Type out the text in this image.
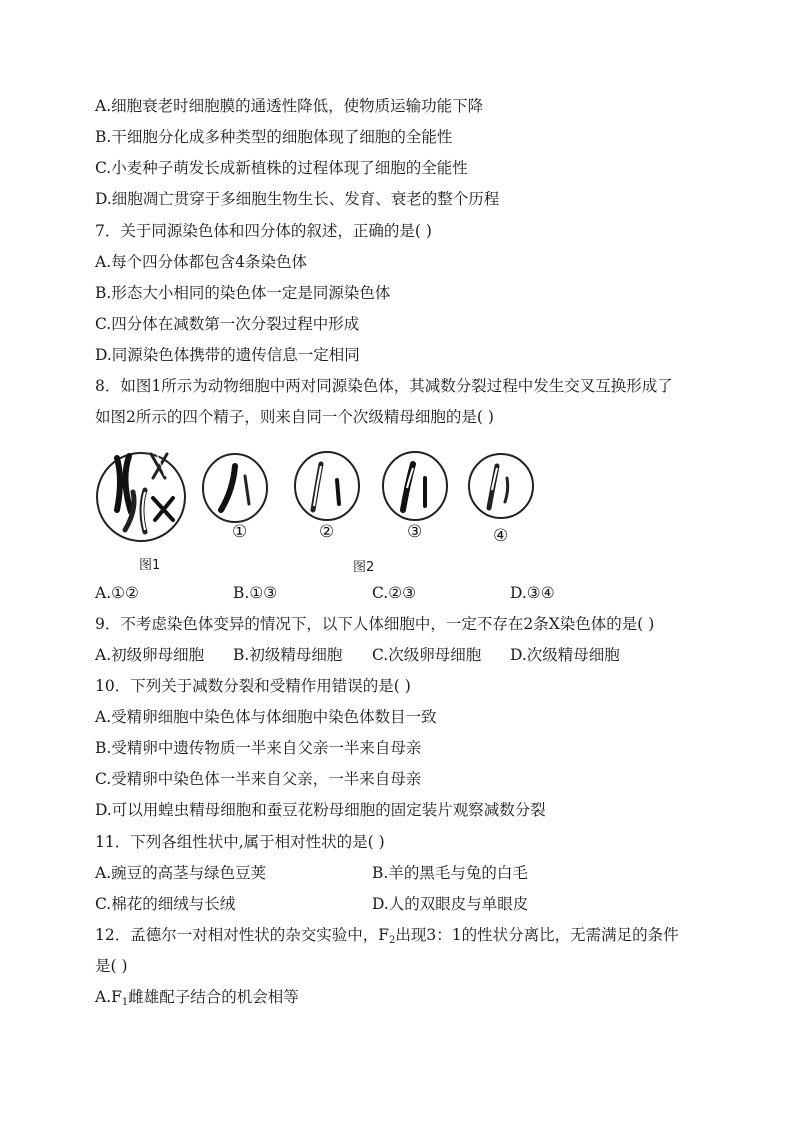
A.细胞衰老时细胞膜的通透性降低，使物质运输功能下降
B.干细胞分化成多种类型的细胞体现了细胞的全能性
C.小麦种子萌发长成新植株的过程体现了细胞的全能性
D.细胞凋亡贯穿于多细胞生物生长、发育、衰老的整个历程
7．关于同源染色体和四分体的叙述，正确的是( )
A.每个四分体都包含4条染色体
B.形态大小相同的染色体一定是同源染色体
C.四分体在减数第一次分裂过程中形成
D.同源染色体携带的遗传信息一定相同
8．如图1所示为动物细胞中两对同源染色体，其减数分裂过程中发生交叉互换形成了
如图2所示的四个精子，则来自同一个次级精母细胞的是( )
①	②	③	④
图1	图2
A.①②	B.①③	C.②③	D.③④
9．不考虑染色体变异的情况下，以下人体细胞中，一定不存在2条X染色体的是( )
A.初级卵母细胞 B.初级精母细胞 C.次级卵母细胞 D.次级精母细胞
10．下列关于减数分裂和受精作用错误的是( )
A.受精卵细胞中染色体与体细胞中染色体数目一致
B.受精卵中遗传物质一半来自父亲一半来自母亲
C.受精卵中染色体一半来自父亲，一半来自母亲
D.可以用蝗虫精母细胞和蚕豆花粉母细胞的固定装片观察减数分裂
11．下列各组性状中,属于相对性状的是( )
A.豌豆的高茎与绿色豆荚	B.羊的黑毛与兔的白毛
C.棉花的细绒与长绒	D.人的双眼皮与单眼皮
12．孟德尔一对相对性状的杂交实验中，$F_2$出现3：1的性状分离比，无需满足的条件
是( )
$A.F_1$雌雄配子结合的机会相等
